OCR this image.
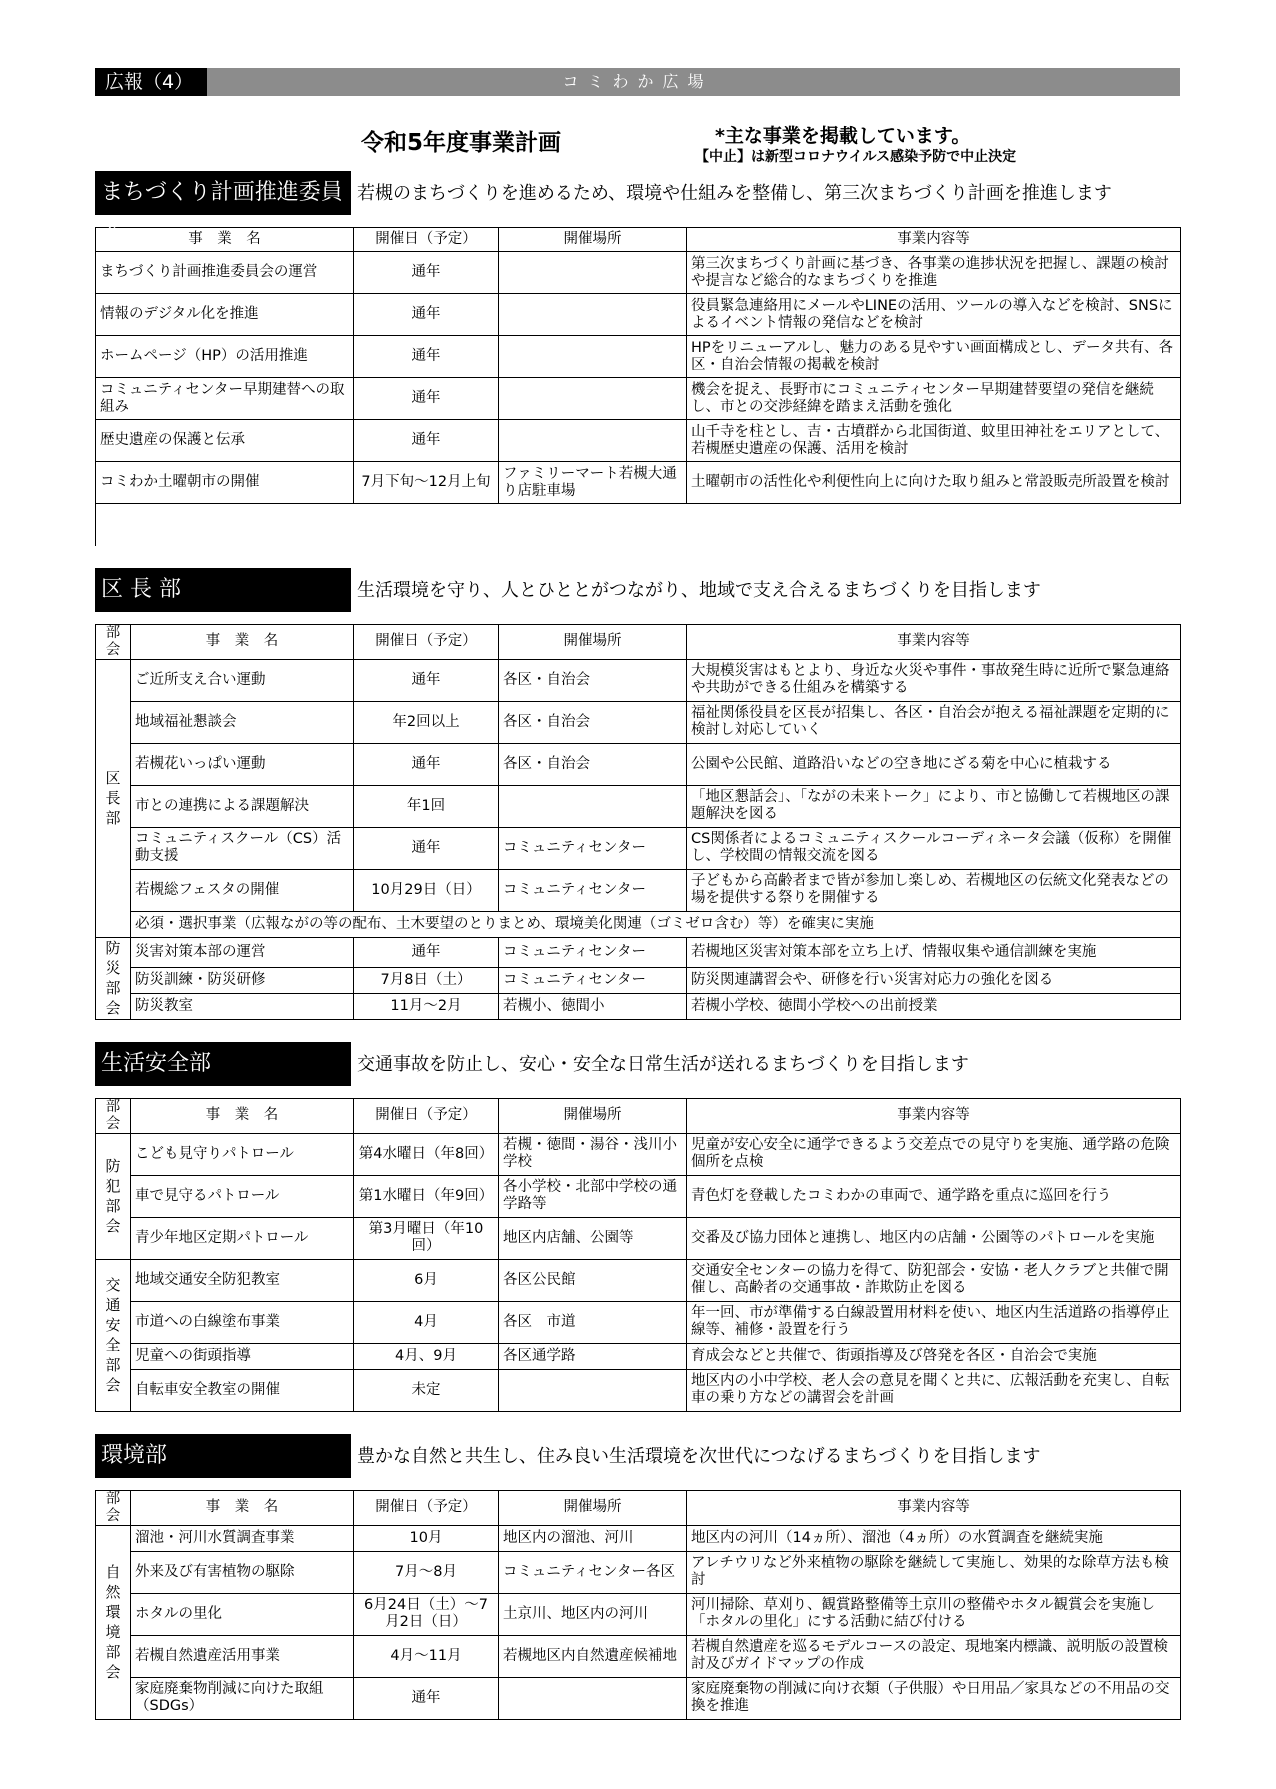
コミわか広場
広報（4）
令和5年度事業計画	*主な事業を掲載しています。
【中止】は新型コロナウイルス感染予防で中止決定
まちづくり計画推進委員会
若槻のまちづくりを進めるため、環境や仕組みを整備し、第三次まちづくり計画を推進します
事　業　名	開催日（予定）	開催場所	事業内容等
まちづくり計画推進委員会の運営	通年		第三次まちづくり計画に基づき、各事業の進捗状況を把握し、課題の検討や提言など総合的なまちづくりを推進
情報のデジタル化を推進	通年		役員緊急連絡用にメールやLINEの活用、ツールの導入などを検討、SNSによるイベント情報の発信などを検討
ホームページ（HP）の活用推進	通年		HPをリニューアルし、魅力のある見やすい画面構成とし、データ共有、各区・自治会情報の掲載を検討
コミュニティセンター早期建替への取組み	通年		機会を捉え、長野市にコミュニティセンター早期建替要望の発信を継続し、市との交渉経緯を踏まえ活動を強化
歴史遺産の保護と伝承	通年		山千寺を柱とし、吉・古墳群から北国街道、蚊里田神社をエリアとして、若槻歴史遺産の保護、活用を検討
コミわか土曜朝市の開催	7月下旬～12月上旬	ファミリーマート若槻大通り店駐車場	土曜朝市の活性化や利便性向上に向けた取り組みと常設販売所設置を検討

区 長 部	生活環境を守り、人とひととがつながり、地域で支え合えるまちづくりを目指します
部会	事　業　名	開催日（予定）	開催場所	事業内容等
区長部	ご近所支え合い運動	通年	各区・自治会	大規模災害はもとより、身近な火災や事件・事故発生時に近所で緊急連絡や共助ができる仕組みを構築する
	地域福祉懇談会	年2回以上	各区・自治会	福祉関係役員を区長が招集し、各区・自治会が抱える福祉課題を定期的に検討し対応していく
	若槻花いっぱい運動	通年	各区・自治会	公園や公民館、道路沿いなどの空き地にざる菊を中心に植栽する
	市との連携による課題解決	年1回		「地区懇話会」、「ながの未来トーク」により、市と協働して若槻地区の課題解決を図る
	コミュニティスクール（CS）活動支援	通年	コミュニティセンター	CS関係者によるコミュニティスクールコーディネータ会議（仮称）を開催し、学校間の情報交流を図る
	若槻総フェスタの開催	10月29日（日）	コミュニティセンター	子どもから高齢者まで皆が参加し楽しめ、若槻地区の伝統文化発表などの場を提供する祭りを開催する
	必須・選択事業（広報ながの等の配布、土木要望のとりまとめ、環境美化関連（ゴミゼロ含む）等）を確実に実施			
防災部会	災害対策本部の運営	通年	コミュニティセンター	若槻地区災害対策本部を立ち上げ、情報収集や通信訓練を実施
	防災訓練・防災研修	7月8日（土）	コミュニティセンター	防災関連講習会や、研修を行い災害対応力の強化を図る
	防災教室	11月～2月	若槻小、徳間小	若槻小学校、徳間小学校への出前授業
生活安全部	交通事故を防止し、安心・安全な日常生活が送れるまちづくりを目指します
部会	事　業　名	開催日（予定）	開催場所	事業内容等
防犯部会	こども見守りパトロール	第4水曜日（年8回）	若槻・徳間・湯谷・浅川小学校	児童が安心安全に通学できるよう交差点での見守りを実施、通学路の危険個所を点検
	車で見守るパトロール	第1水曜日（年9回）	各小学校・北部中学校の通学路等	青色灯を登載したコミわかの車両で、通学路を重点に巡回を行う
	青少年地区定期パトロール	第3月曜日（年10回）	地区内店舗、公園等	交番及び協力団体と連携し、地区内の店舗・公園等のパトロールを実施
交通安全部会	地域交通安全防犯教室	6月	各区公民館	交通安全センターの協力を得て、防犯部会・安協・老人クラブと共催で開催し、高齢者の交通事故・詐欺防止を図る
	市道への白線塗布事業	4月	各区　市道	年一回、市が準備する白線設置用材料を使い、地区内生活道路の指導停止線等、補修・設置を行う
	児童への街頭指導	4月、9月	各区通学路	育成会などと共催で、街頭指導及び啓発を各区・自治会で実施
	自転車安全教室の開催	未定		地区内の小中学校、老人会の意見を聞くと共に、広報活動を充実し、自転車の乗り方などの講習会を計画
環境部	豊かな自然と共生し、住み良い生活環境を次世代につなげるまちづくりを目指します
部会	事　業　名	開催日（予定）	開催場所	事業内容等
自然環境部会	溜池・河川水質調査事業	10月	地区内の溜池、河川	地区内の河川（14ヵ所）、溜池（4ヵ所）の水質調査を継続実施
	外来及び有害植物の駆除	7月～8月	コミュニティセンター各区	アレチウリなど外来植物の駆除を継続して実施し、効果的な除草方法も検討
	ホタルの里化	6月24日（土）～7月2日（日）	土京川、地区内の河川	河川掃除、草刈り、観賞路整備等土京川の整備やホタル観賞会を実施し「ホタルの里化」にする活動に結び付ける
	若槻自然遺産活用事業	4月～11月	若槻地区内自然遺産候補地	若槻自然遺産を巡るモデルコースの設定、現地案内標識、説明版の設置検討及びガイドマップの作成
	家庭廃棄物削減に向けた取組（SDGs）	通年		家庭廃棄物の削減に向け衣類（子供服）や日用品／家具などの不用品の交換を推進
